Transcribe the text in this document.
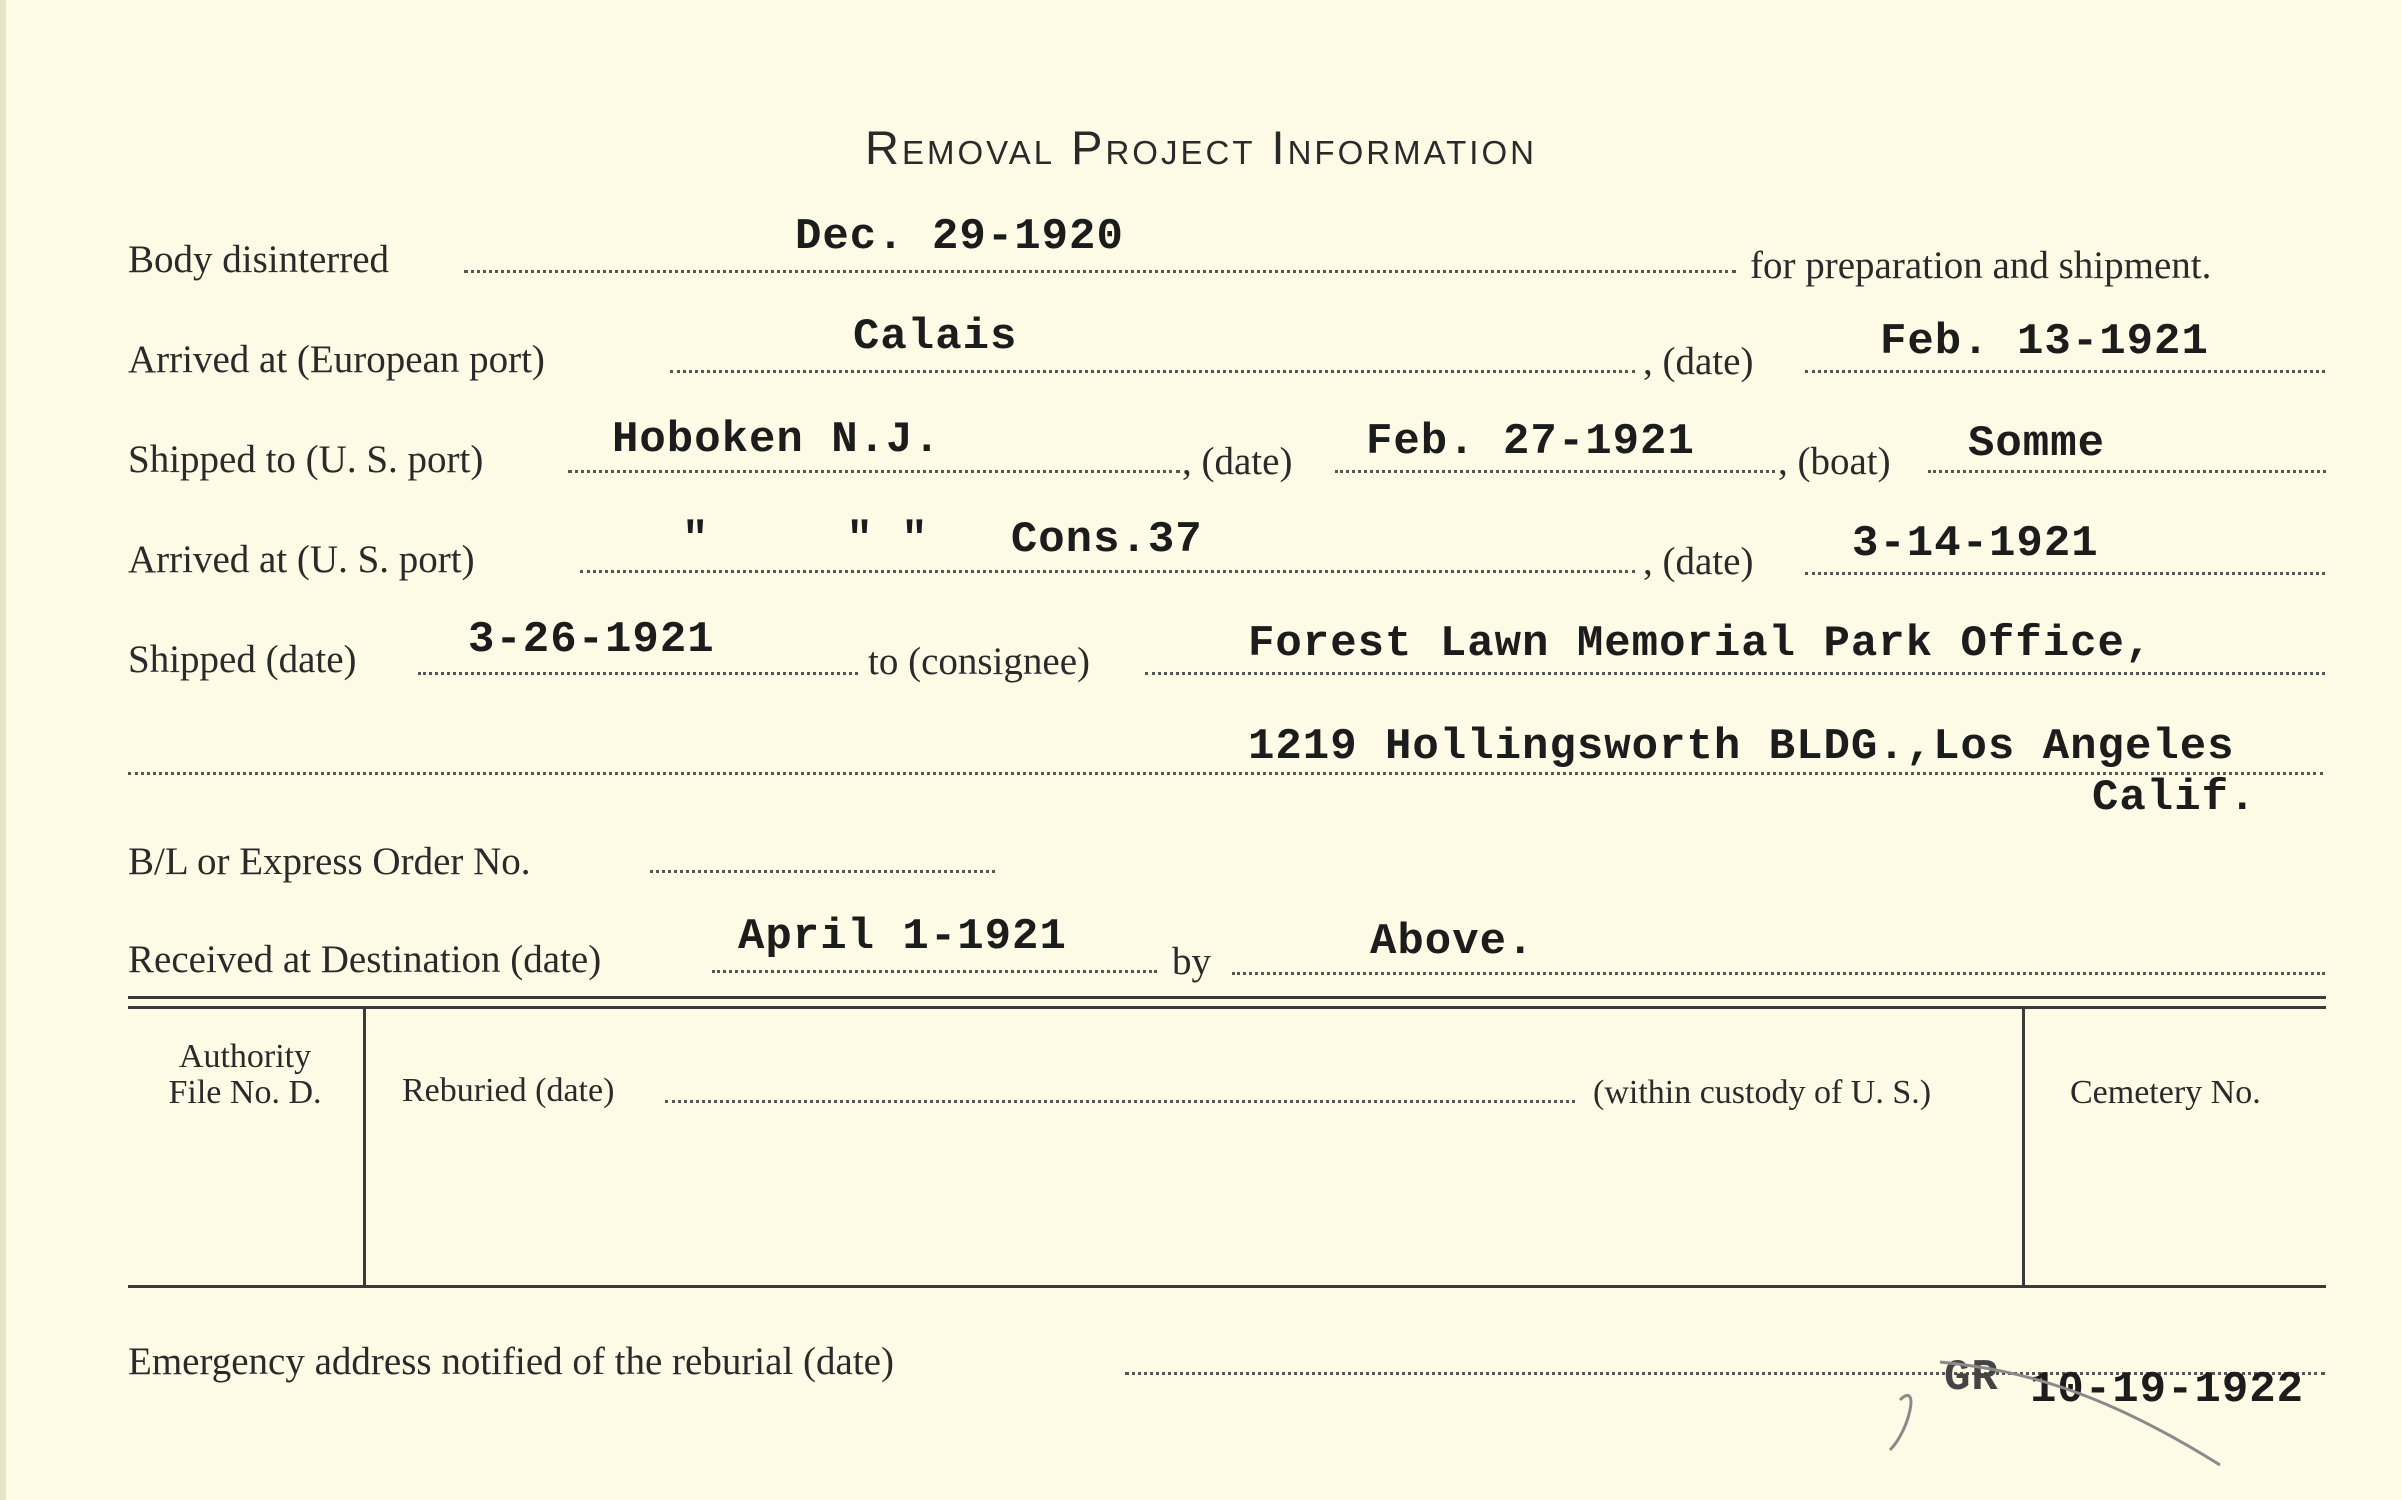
Removal Project Information
Body disinterred	Dec. 29-1920
for preparation and shipment.
Arrived at (European port)	Calais	, (date)	Feb. 13-1921
Shipped to (U. S. port)	Hoboken N.J.	, (date) Feb. 27-1921 , (boat) Somme
Arrived at (U. S. port)	"     " "   Cons.37	, (date) 3-14-1921
Shipped (date)	3-26-1921	to (consignee)	Forest Lawn Memorial Park Office,
1219 Hollingsworth BLDG.,Los Angeles
Calif.
B/L or Express Order No.
Received at Destination (date)	April 1-1921	by	Above.
Authority
File No. D.	Reburied (date)	(within custody of U. S.)	Cemetery No.
Emergency address notified of the reburial (date)	GR 10-19-1922
